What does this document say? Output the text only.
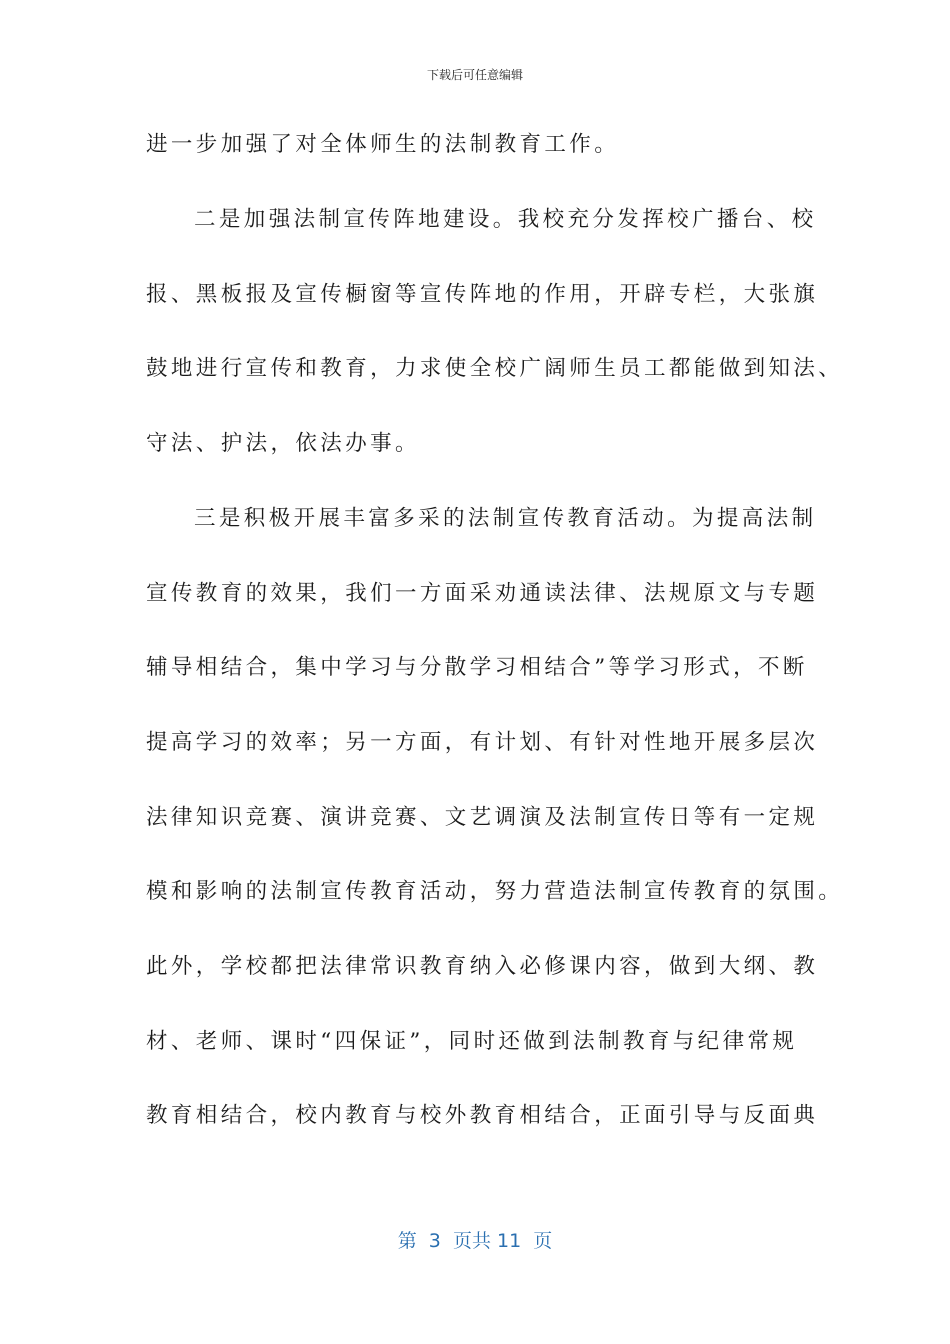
下载后可任意编辑
进一步加强了对全体师生的法制教育工作。
二是加强法制宣传阵地建设。我校充分发挥校广播台、校
报、黑板报及宣传橱窗等宣传阵地的作用，开辟专栏，大张旗
鼓地进行宣传和教育，力求使全校广阔师生员工都能做到知法、
守法、护法，依法办事。
三是积极开展丰富多采的法制宣传教育活动。为提高法制
宣传教育的效果，我们一方面采劝通读法律、法规原文与专题
辅导相结合，集中学习与分散学习相结合”等学习形式，不断
提高学习的效率；另一方面，有计划、有针对性地开展多层次
法律知识竞赛、演讲竞赛、文艺调演及法制宣传日等有一定规
模和影响的法制宣传教育活动，努力营造法制宣传教育的氛围。
此外，学校都把法律常识教育纳入必修课内容，做到大纲、教
材、老师、课时“四保证”，同时还做到法制教育与纪律常规
教育相结合，校内教育与校外教育相结合，正面引导与反面典
第  3  页共 11  页
